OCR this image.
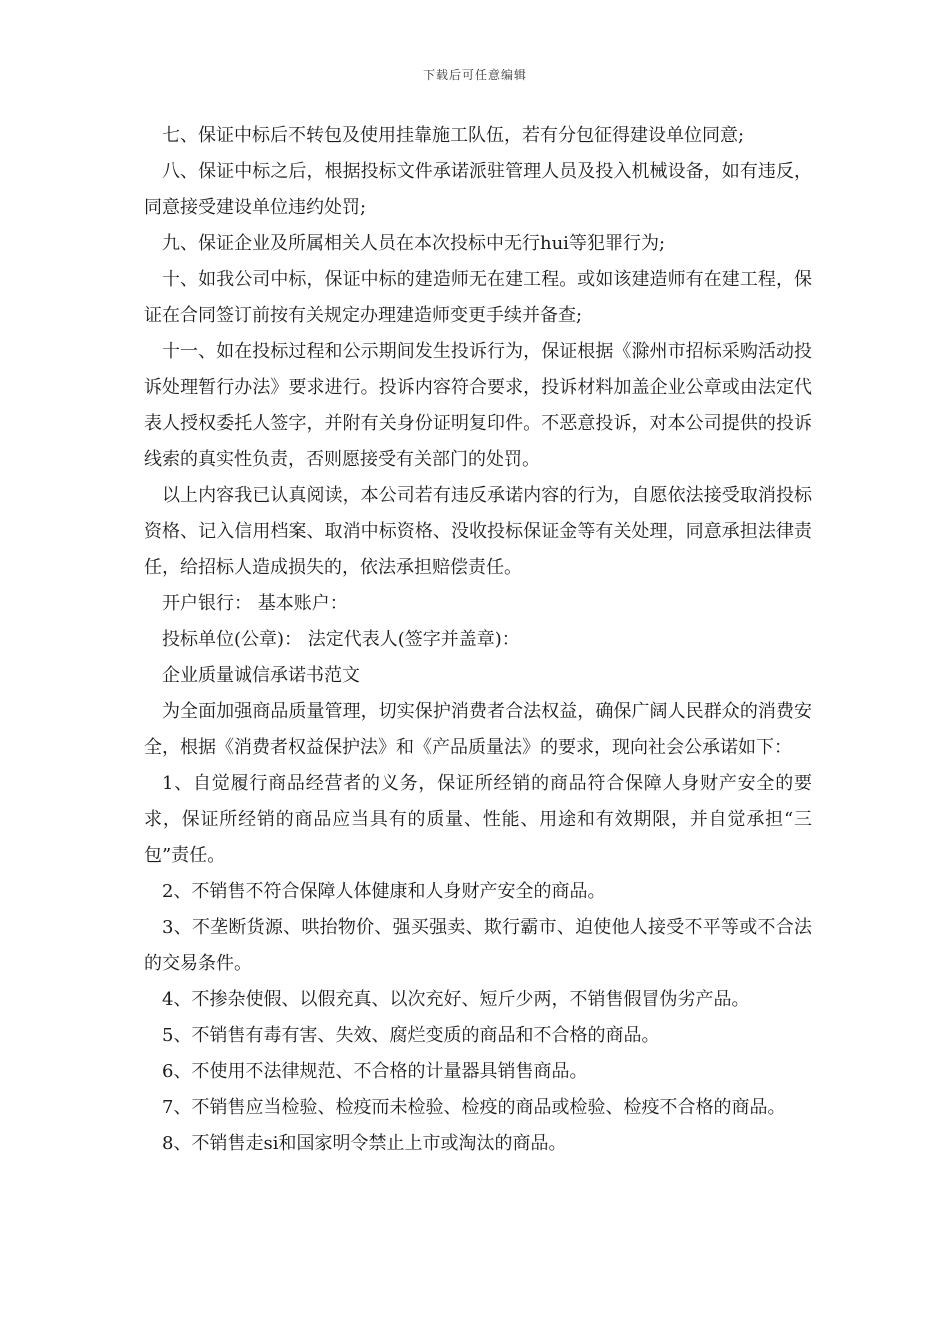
下载后可任意编辑

七、保证中标后不转包及使用挂靠施工队伍，若有分包征得建设单位同意;

八、保证中标之后，根据投标文件承诺派驻管理人员及投入机械设备，如有违反，同意接受建设单位违约处罚;

九、保证企业及所属相关人员在本次投标中无行hui等犯罪行为;

十、如我公司中标，保证中标的建造师无在建工程。或如该建造师有在建工程，保证在合同签订前按有关规定办理建造师变更手续并备查;

十一、如在投标过程和公示期间发生投诉行为，保证根据《滁州市招标采购活动投诉处理暂行办法》要求进行。投诉内容符合要求，投诉材料加盖企业公章或由法定代表人授权委托人签字，并附有关身份证明复印件。不恶意投诉，对本公司提供的投诉线索的真实性负责，否则愿接受有关部门的处罚。

以上内容我已认真阅读，本公司若有违反承诺内容的行为，自愿依法接受取消投标资格、记入信用档案、取消中标资格、没收投标保证金等有关处理，同意承担法律责任，给招标人造成损失的，依法承担赔偿责任。

开户银行： 基本账户：

投标单位(公章)： 法定代表人(签字并盖章)：

企业质量诚信承诺书范文

为全面加强商品质量管理，切实保护消费者合法权益，确保广阔人民群众的消费安全，根据《消费者权益保护法》和《产品质量法》的要求，现向社会公承诺如下：

1、自觉履行商品经营者的义务，保证所经销的商品符合保障人身财产安全的要求，保证所经销的商品应当具有的质量、性能、用途和有效期限，并自觉承担“三包”责任。

2、不销售不符合保障人体健康和人身财产安全的商品。

3、不垄断货源、哄抬物价、强买强卖、欺行霸市、迫使他人接受不平等或不合法的交易条件。

4、不掺杂使假、以假充真、以次充好、短斤少两，不销售假冒伪劣产品。

5、不销售有毒有害、失效、腐烂变质的商品和不合格的商品。

6、不使用不法律规范、不合格的计量器具销售商品。

7、不销售应当检验、检疫而未检验、检疫的商品或检验、检疫不合格的商品。

8、不销售走si和国家明令禁止上市或淘汰的商品。
